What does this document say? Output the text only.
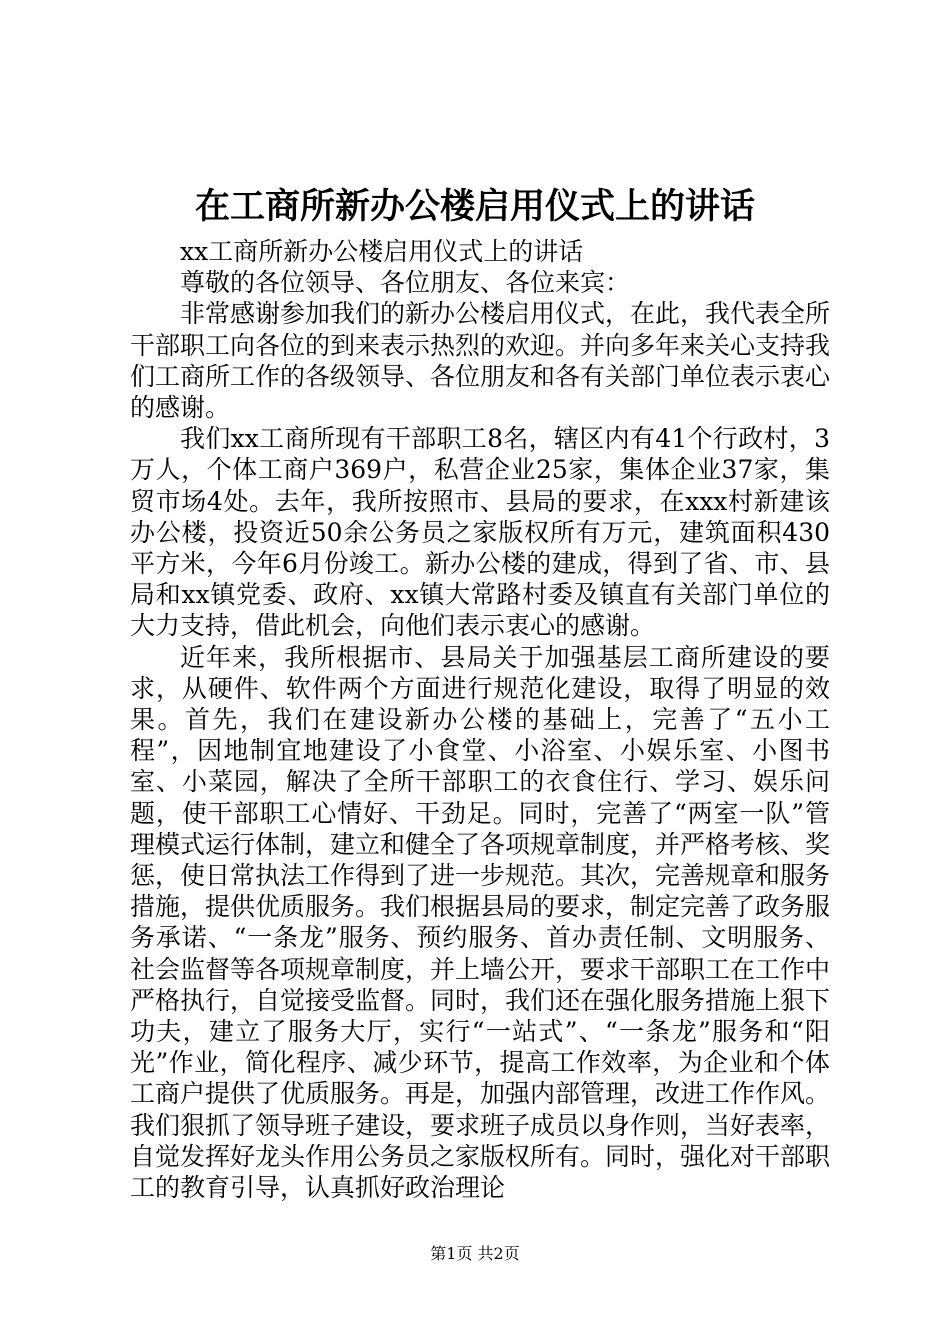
在工商所新办公楼启用仪式上的讲话

xx工商所新办公楼启用仪式上的讲话

尊敬的各位领导、各位朋友、各位来宾：

非常感谢参加我们的新办公楼启用仪式，在此，我代表全所干部职工向各位的到来表示热烈的欢迎。并向多年来关心支持我们工商所工作的各级领导、各位朋友和各有关部门单位表示衷心的感谢。

我们xx工商所现有干部职工8名，辖区内有41个行政村，3万人，个体工商户369户，私营企业25家，集体企业37家，集贸市场4处。去年，我所按照市、县局的要求，在xxx村新建该办公楼，投资近50余公务员之家版权所有万元，建筑面积430平方米，今年6月份竣工。新办公楼的建成，得到了省、市、县局和xx镇党委、政府、xx镇大常路村委及镇直有关部门单位的大力支持，借此机会，向他们表示衷心的感谢。

近年来，我所根据市、县局关于加强基层工商所建设的要求，从硬件、软件两个方面进行规范化建设，取得了明显的效果。首先，我们在建设新办公楼的基础上，完善了“五小工程”，因地制宜地建设了小食堂、小浴室、小娱乐室、小图书室、小菜园，解决了全所干部职工的衣食住行、学习、娱乐问题，使干部职工心情好、干劲足。同时，完善了“两室一队”管理模式运行体制，建立和健全了各项规章制度，并严格考核、奖惩，使日常执法工作得到了进一步规范。其次，完善规章和服务措施，提供优质服务。我们根据县局的要求，制定完善了政务服务承诺、“一条龙”服务、预约服务、首办责任制、文明服务、社会监督等各项规章制度，并上墙公开，要求干部职工在工作中严格执行，自觉接受监督。同时，我们还在强化服务措施上狠下功夫，建立了服务大厅，实行“一站式”、“一条龙”服务和“阳光”作业，简化程序、减少环节，提高工作效率，为企业和个体工商户提供了优质服务。再是，加强内部管理，改进工作作风。我们狠抓了领导班子建设，要求班子成员以身作则，当好表率，自觉发挥好龙头作用公务员之家版权所有。同时，强化对干部职工的教育引导，认真抓好政治理论

第1页 共2页
